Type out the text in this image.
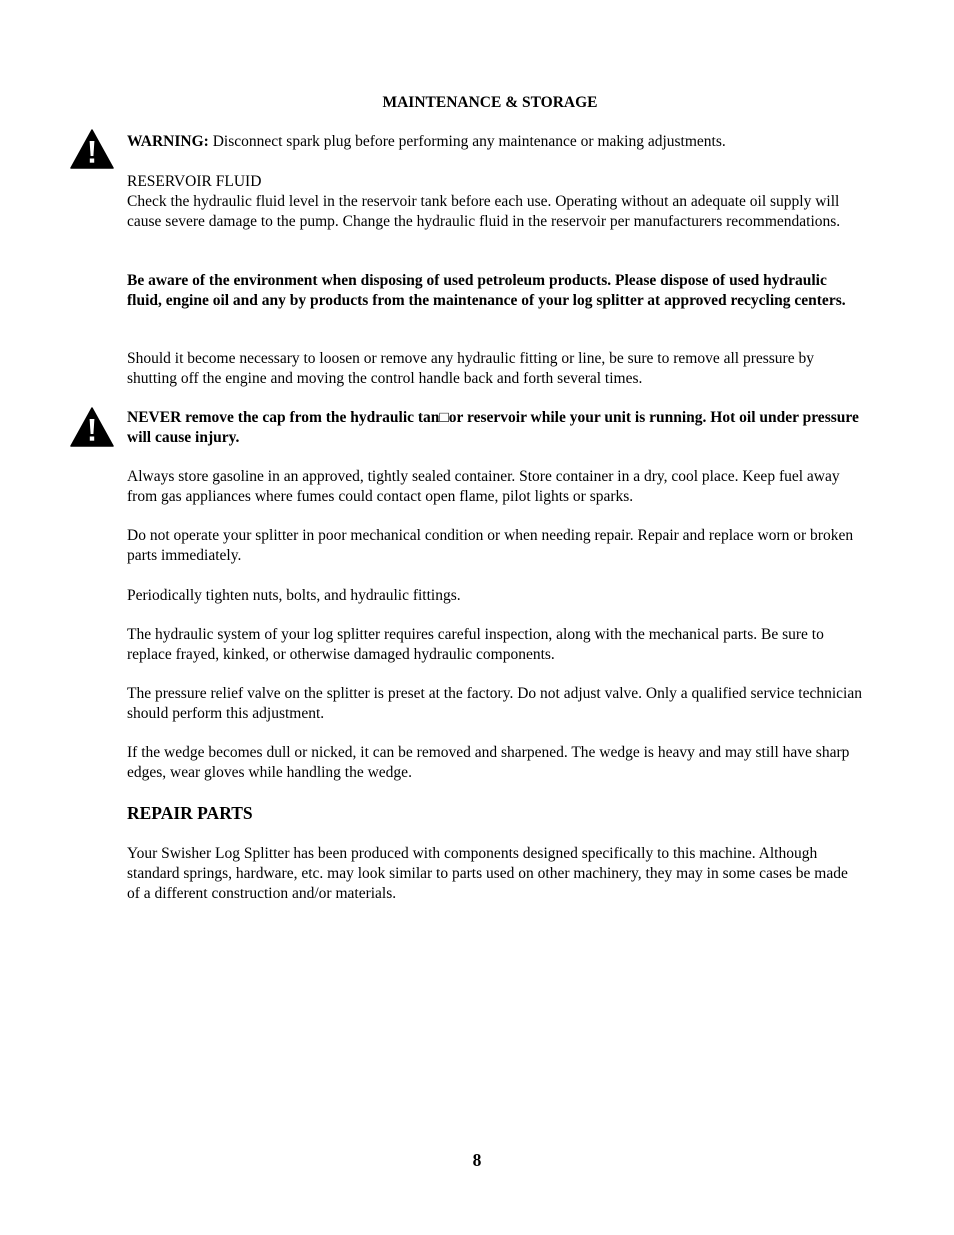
MAINTENANCE & STORAGE

WARNING: Disconnect spark plug before performing any maintenance or making adjustments.

RESERVOIR FLUID
Check the hydraulic fluid level in the reservoir tank before each use. Operating without an adequate oil supply will cause severe damage to the pump. Change the hydraulic fluid in the reservoir per manufacturers recommendations.

Be aware of the environment when disposing of used petroleum products. Please dispose of used hydraulic fluid, engine oil and any by products from the maintenance of your log splitter at approved recycling centers.

Should it become necessary to loosen or remove any hydraulic fitting or line, be sure to remove all pressure by shutting off the engine and moving the control handle back and forth several times.

NEVER remove the cap from the hydraulic tan□or reservoir while your unit is running. Hot oil under pressure will cause injury.

Always store gasoline in an approved, tightly sealed container. Store container in a dry, cool place. Keep fuel away from gas appliances where fumes could contact open flame, pilot lights or sparks.

Do not operate your splitter in poor mechanical condition or when needing repair. Repair and replace worn or broken parts immediately.

Periodically tighten nuts, bolts, and hydraulic fittings.

The hydraulic system of your log splitter requires careful inspection, along with the mechanical parts. Be sure to replace frayed, kinked, or otherwise damaged hydraulic components.

The pressure relief valve on the splitter is preset at the factory. Do not adjust valve. Only a qualified service technician should perform this adjustment.

If the wedge becomes dull or nicked, it can be removed and sharpened. The wedge is heavy and may still have sharp edges, wear gloves while handling the wedge.

REPAIR PARTS

Your Swisher Log Splitter has been produced with components designed specifically to this machine. Although standard springs, hardware, etc. may look similar to parts used on other machinery, they may in some cases be made of a different construction and/or materials.

8
